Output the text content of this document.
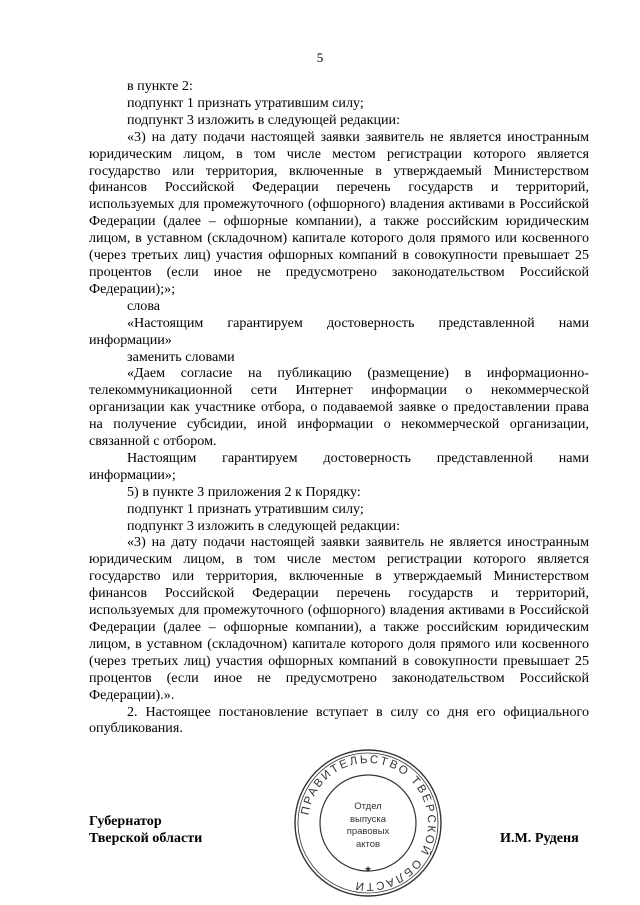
5

в пункте 2:

подпункт 1 признать утратившим силу;

подпункт 3 изложить в следующей редакции:

«3) на дату подачи настоящей заявки заявитель не является иностранным юридическим лицом, в том числе местом регистрации которого является государство или территория, включенные в утверждаемый Министерством финансов Российской Федерации перечень государств и территорий, используемых для промежуточного (офшорного) владения активами в Российской Федерации (далее – офшорные компании), а также российским юридическим лицом, в уставном (складочном) капитале которого доля прямого или косвенного (через третьих лиц) участия офшорных компаний в совокупности превышает 25 процентов (если иное не предусмотрено законодательством Российской Федерации);»;

слова

«Настоящим гарантируем достоверность представленной нами информации»

заменить словами

«Даем согласие на публикацию (размещение) в информационно-телекоммуникационной сети Интернет информации о некоммерческой организации как участнике отбора, о подаваемой заявке о предоставлении права на получение субсидии, иной информации о некоммерческой организации, связанной с отбором.

Настоящим гарантируем достоверность представленной нами информации»;

5) в пункте 3 приложения 2 к Порядку:

подпункт 1 признать утратившим силу;

подпункт 3 изложить в следующей редакции:

«3) на дату подачи настоящей заявки заявитель не является иностранным юридическим лицом, в том числе местом регистрации которого является государство или территория, включенные в утверждаемый Министерством финансов Российской Федерации перечень государств и территорий, используемых для промежуточного (офшорного) владения активами в Российской Федерации (далее – офшорные компании), а также российским юридическим лицом, в уставном (складочном) капитале которого доля прямого или косвенного (через третьих лиц) участия офшорных компаний в совокупности превышает 25 процентов (если иное не предусмотрено законодательством Российской Федерации).».

2. Настоящее постановление вступает в силу со дня его официального опубликования.

Губернатор
Тверской области
ПРАВИТЕЛЬСТВО ТВЕРСКОЙ ОБЛАСТИ
★
Отдел
выпуска
правовых
актов	И.М. Руденя
